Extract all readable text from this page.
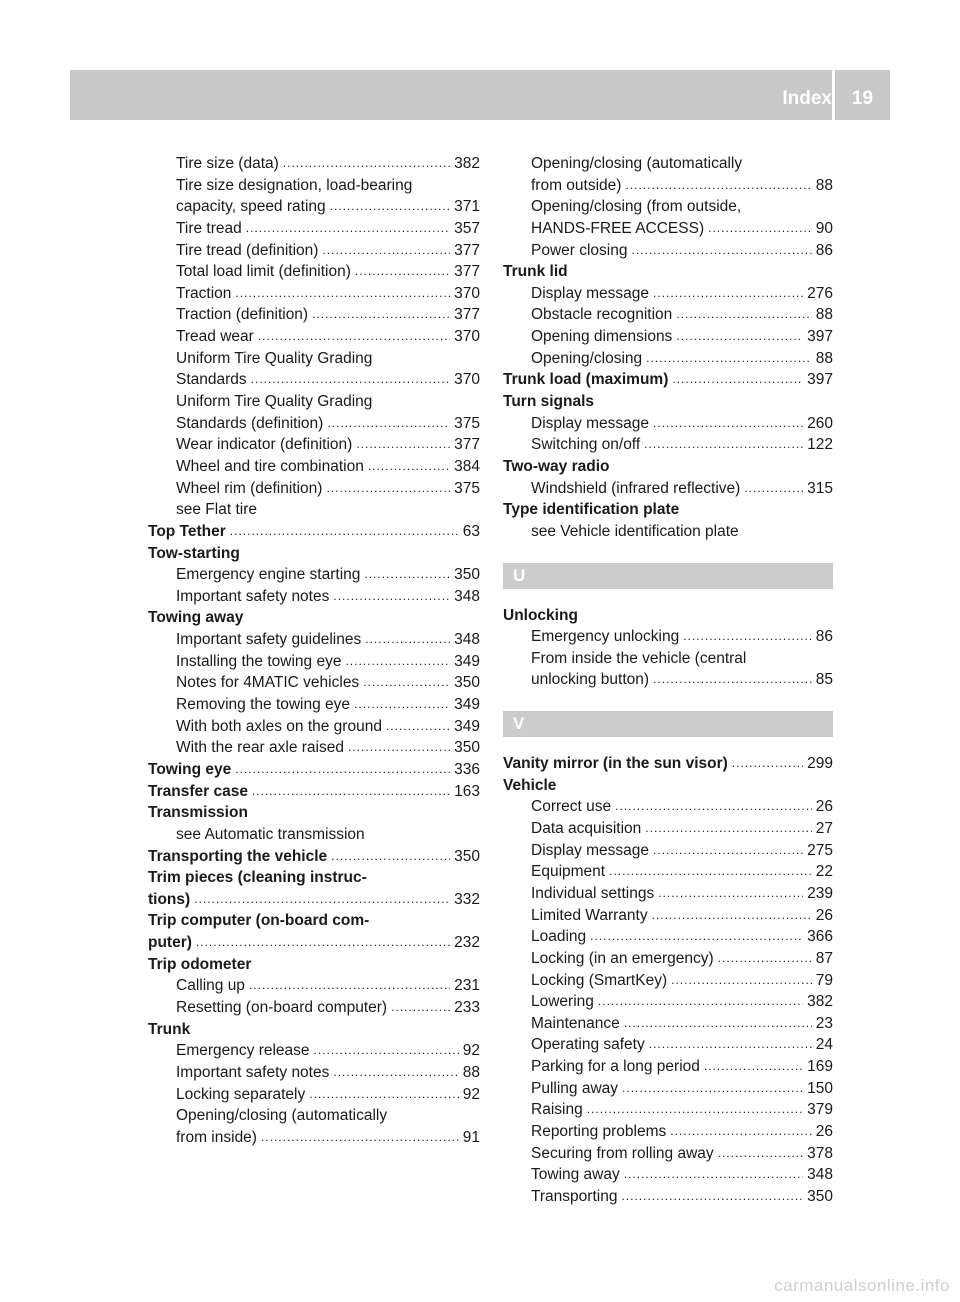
Index	19
Tire size (data) .....	382
Tire size designation, load-bearing
capacity, speed rating .....	371
Tire tread .....	357
Tire tread (definition) .....	377
Total load limit (definition) .....	377
Traction .....	370
Traction (definition) .....	377
Tread wear .....	370
Uniform Tire Quality Grading
Standards .....	370
Uniform Tire Quality Grading
Standards (definition) .....	375
Wear indicator (definition) .....	377
Wheel and tire combination .....	384
Wheel rim (definition) .....	375
see Flat tire
Top Tether .....	63
Tow-starting
Emergency engine starting .....	350
Important safety notes .....	348
Towing away
Important safety guidelines .....	348
Installing the towing eye .....	349
Notes for 4MATIC vehicles .....	350
Removing the towing eye .....	349
With both axles on the ground .....	349
With the rear axle raised .....	350
Towing eye .....	336
Transfer case .....	163
Transmission
see Automatic transmission
Transporting the vehicle .....	350
Trim pieces (cleaning instruc-
tions) .....	332
Trip computer (on-board com-
puter) .....	232
Trip odometer
Calling up .....	231
Resetting (on-board computer) .....	233
Trunk
Emergency release .....	92
Important safety notes .....	88
Locking separately .....	92
Opening/closing (automatically
from inside) .....	91
Opening/closing (automatically
from outside) .....	88
Opening/closing (from outside,
HANDS-FREE ACCESS) .....	90
Power closing .....	86
Trunk lid
Display message .....	276
Obstacle recognition .....	88
Opening dimensions .....	397
Opening/closing .....	88
Trunk load (maximum) .....	397
Turn signals
Display message .....	260
Switching on/off .....	122
Two-way radio
Windshield (infrared reflective) .....	315
Type identification plate
see Vehicle identification plate
U
Unlocking
Emergency unlocking .....	86
From inside the vehicle (central
unlocking button) .....	85
V
Vanity mirror (in the sun visor) .....	299
Vehicle
Correct use .....	26
Data acquisition .....	27
Display message .....	275
Equipment .....	22
Individual settings .....	239
Limited Warranty .....	26
Loading .....	366
Locking (in an emergency) .....	87
Locking (SmartKey) .....	79
Lowering .....	382
Maintenance .....	23
Operating safety .....	24
Parking for a long period .....	169
Pulling away .....	150
Raising .....	379
Reporting problems .....	26
Securing from rolling away .....	378
Towing away .....	348
Transporting .....	350
carmanualsonline.info
